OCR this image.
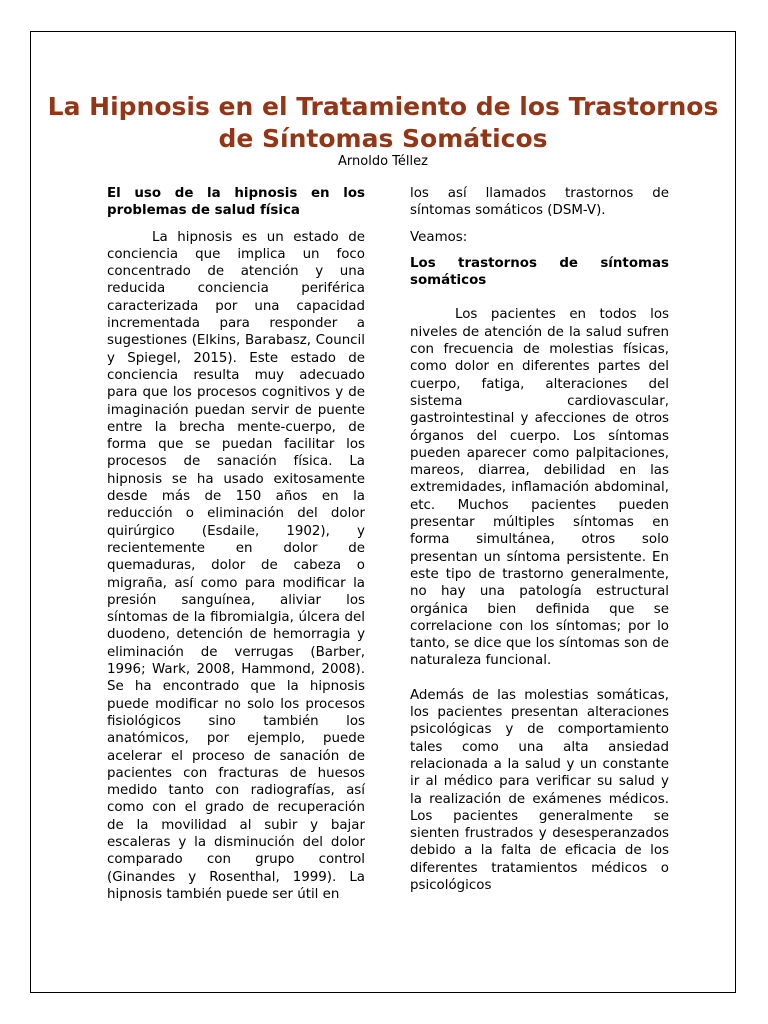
La Hipnosis en el Tratamiento de los Trastornos de Síntomas Somáticos
Arnoldo Téllez

El uso de la hipnosis en los problemas de salud física

La hipnosis es un estado de conciencia que implica un foco concentrado de atención y una reducida conciencia periférica caracterizada por una capacidad incrementada para responder a sugestiones (Elkins, Barabasz, Council y Spiegel, 2015). Este estado de conciencia resulta muy adecuado para que los procesos cognitivos y de imaginación puedan servir de puente entre la brecha mente-cuerpo, de forma que se puedan facilitar los procesos de sanación física. La hipnosis se ha usado exitosamente desde más de 150 años en la reducción o eliminación del dolor quirúrgico (Esdaile, 1902), y recientemente en dolor de quemaduras, dolor de cabeza o migraña, así como para modificar la presión sanguínea, aliviar los síntomas de la fibromialgia, úlcera del duodeno, detención de hemorragia y eliminación de verrugas (Barber, 1996; Wark, 2008, Hammond, 2008). Se ha encontrado que la hipnosis puede modificar no solo los procesos fisiológicos sino también los anatómicos, por ejemplo, puede acelerar el proceso de sanación de pacientes con fracturas de huesos medido tanto con radiografías, así como con el grado de recuperación de la movilidad al subir y bajar escaleras y la disminución del dolor comparado con grupo control (Ginandes y Rosenthal, 1999). La hipnosis también puede ser útil en

los así llamados trastornos de síntomas somáticos (DSM-V).

Veamos:

Los trastornos de síntomas somáticos

Los pacientes en todos los niveles de atención de la salud sufren con frecuencia de molestias físicas, como dolor en diferentes partes del cuerpo, fatiga, alteraciones del sistema cardiovascular, gastrointestinal y afecciones de otros órganos del cuerpo. Los síntomas pueden aparecer como palpitaciones, mareos, diarrea, debilidad en las extremidades, inflamación abdominal, etc. Muchos pacientes pueden presentar múltiples síntomas en forma simultánea, otros solo presentan un síntoma persistente. En este tipo de trastorno generalmente, no hay una patología estructural orgánica bien definida que se correlacione con los síntomas; por lo tanto, se dice que los síntomas son de naturaleza funcional.

Además de las molestias somáticas, los pacientes presentan alteraciones psicológicas y de comportamiento tales como una alta ansiedad relacionada a la salud y un constante ir al médico para verificar su salud y la realización de exámenes médicos. Los pacientes generalmente se sienten frustrados y desesperanzados debido a la falta de eficacia de los diferentes tratamientos médicos o psicológicos
